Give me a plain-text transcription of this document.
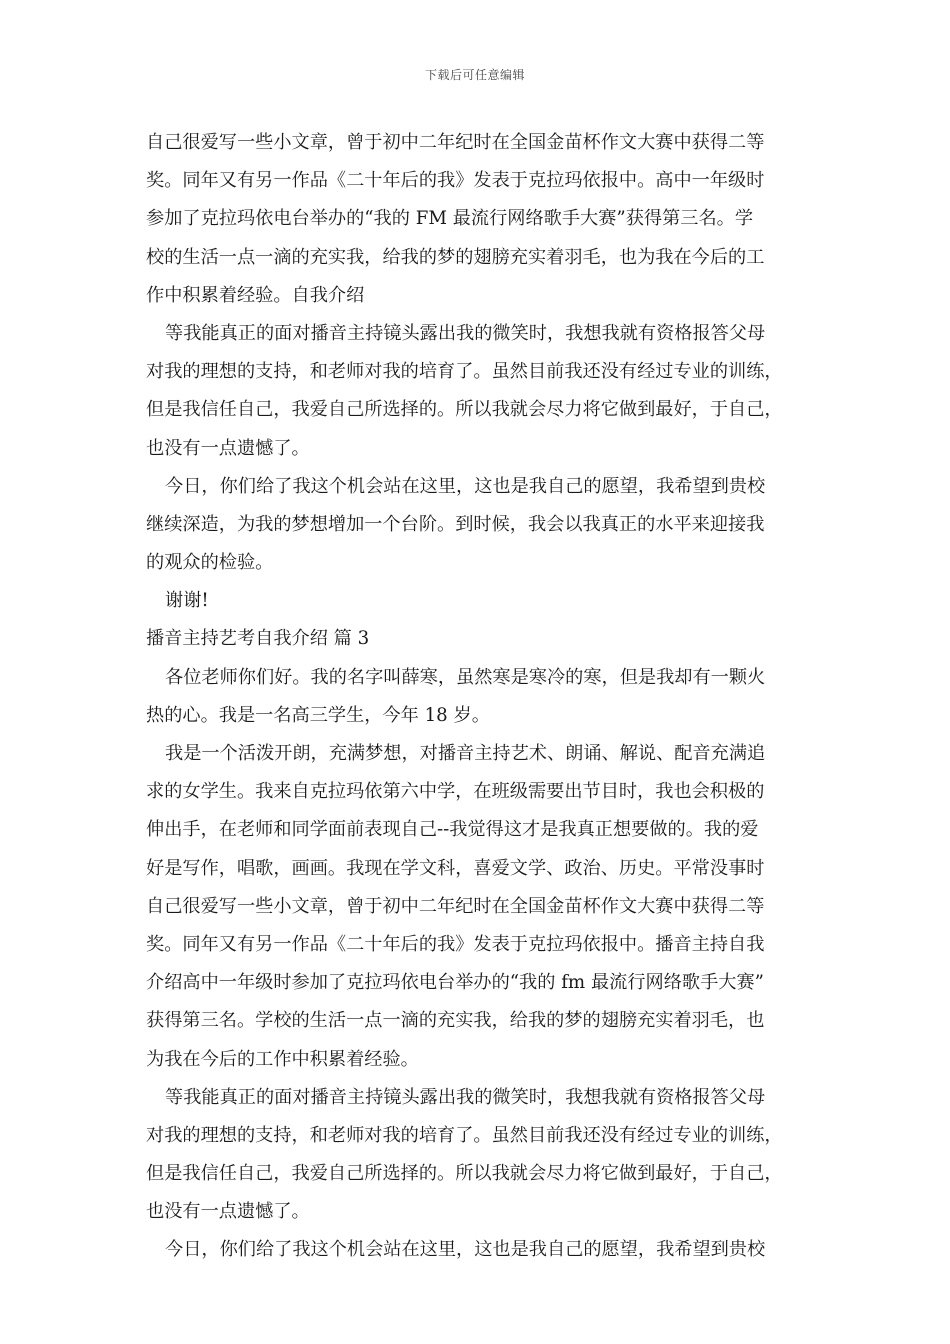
下载后可任意编辑
自己很爱写一些小文章，曾于初中二年纪时在全国金苗杯作文大赛中获得二等
奖。同年又有另一作品《二十年后的我》发表于克拉玛依报中。高中一年级时
参加了克拉玛依电台举办的“我的 FM 最流行网络歌手大赛”获得第三名。学
校的生活一点一滴的充实我，给我的梦的翅膀充实着羽毛，也为我在今后的工
作中积累着经验。自我介绍
等我能真正的面对播音主持镜头露出我的微笑时，我想我就有资格报答父母
对我的理想的支持，和老师对我的培育了。虽然目前我还没有经过专业的训练，
但是我信任自己，我爱自己所选择的。所以我就会尽力将它做到最好，于自己，
也没有一点遗憾了。
今日，你们给了我这个机会站在这里，这也是我自己的愿望，我希望到贵校
继续深造，为我的梦想增加一个台阶。到时候，我会以我真正的水平来迎接我
的观众的检验。
谢谢!
播音主持艺考自我介绍 篇 3
各位老师你们好。我的名字叫薛寒，虽然寒是寒冷的寒，但是我却有一颗火
热的心。我是一名高三学生，今年 18 岁。
我是一个活泼开朗，充满梦想，对播音主持艺术、朗诵、解说、配音充满追
求的女学生。我来自克拉玛依第六中学，在班级需要出节目时，我也会积极的
伸出手，在老师和同学面前表现自己--我觉得这才是我真正想要做的。我的爱
好是写作，唱歌，画画。我现在学文科，喜爱文学、政治、历史。平常没事时
自己很爱写一些小文章，曾于初中二年纪时在全国金苗杯作文大赛中获得二等
奖。同年又有另一作品《二十年后的我》发表于克拉玛依报中。播音主持自我
介绍高中一年级时参加了克拉玛依电台举办的“我的 fm 最流行网络歌手大赛”
获得第三名。学校的生活一点一滴的充实我，给我的梦的翅膀充实着羽毛，也
为我在今后的工作中积累着经验。
等我能真正的面对播音主持镜头露出我的微笑时，我想我就有资格报答父母
对我的理想的支持，和老师对我的培育了。虽然目前我还没有经过专业的训练，
但是我信任自己，我爱自己所选择的。所以我就会尽力将它做到最好，于自己，
也没有一点遗憾了。
今日，你们给了我这个机会站在这里，这也是我自己的愿望，我希望到贵校
